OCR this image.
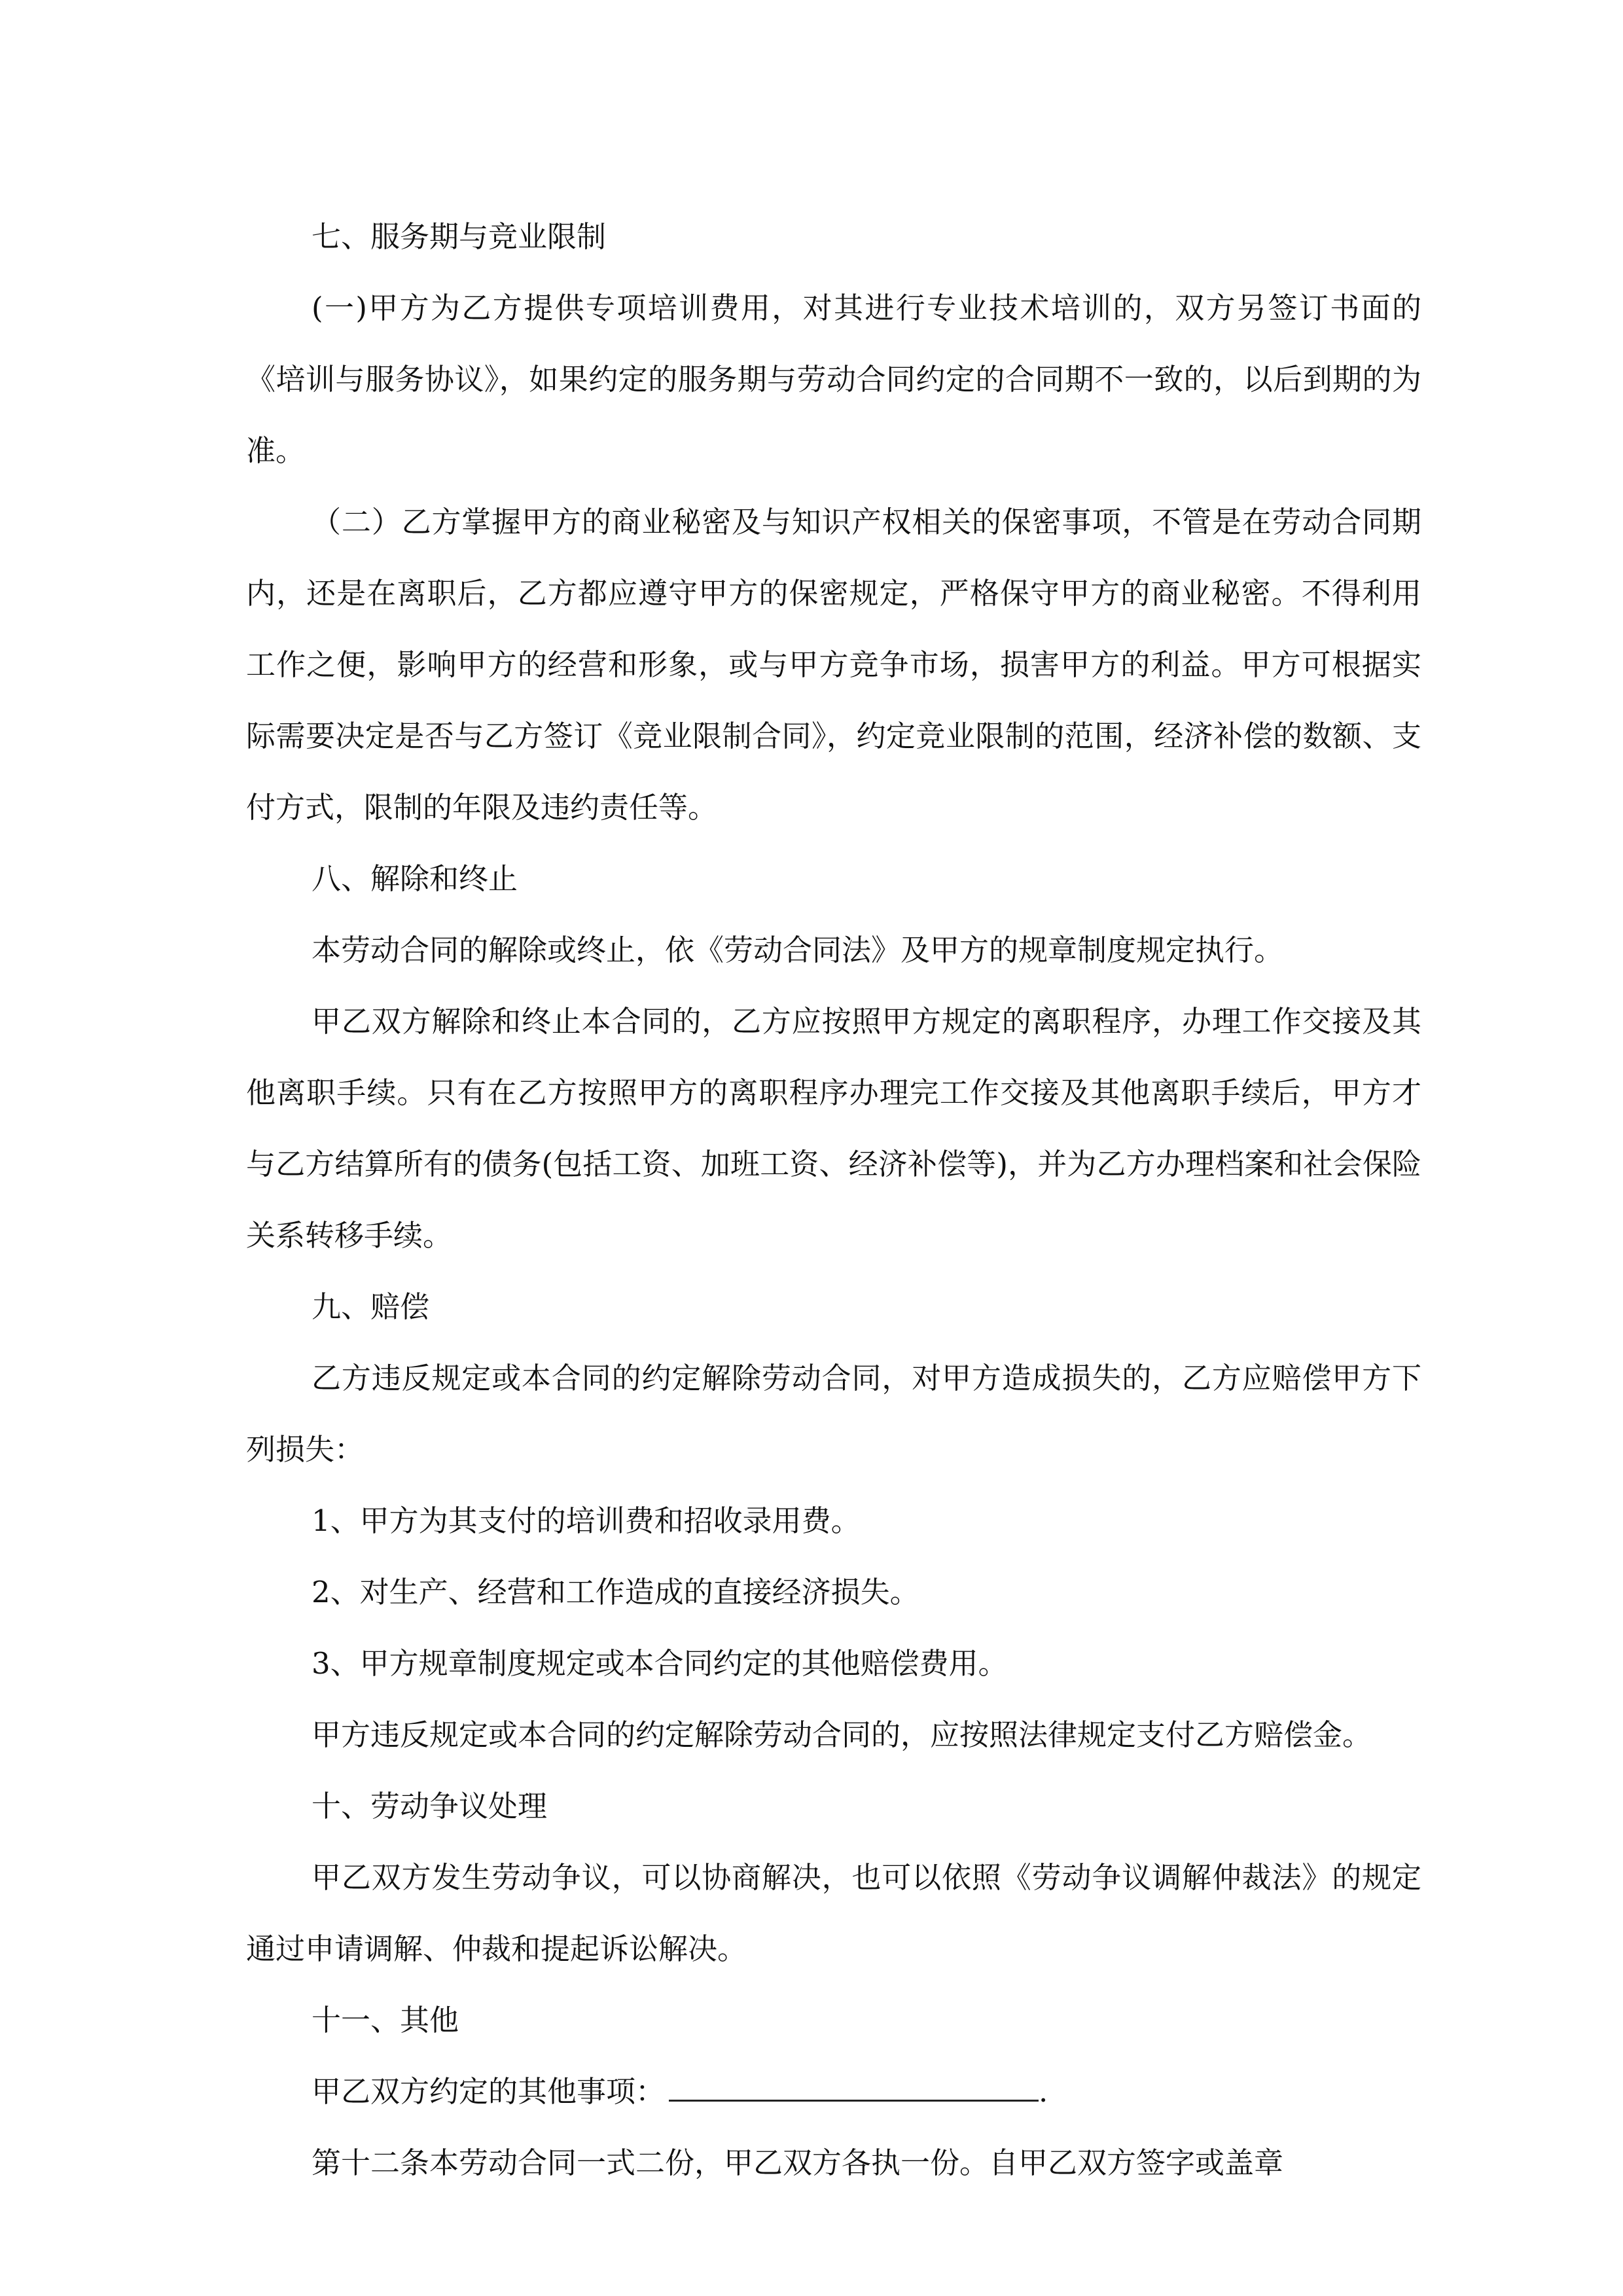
七、服务期与竞业限制

(一)甲方为乙方提供专项培训费用，对其进行专业技术培训的，双方另签订书面的《培训与服务协议》，如果约定的服务期与劳动合同约定的合同期不一致的，以后到期的为准。

（二）乙方掌握甲方的商业秘密及与知识产权相关的保密事项，不管是在劳动合同期内，还是在离职后，乙方都应遵守甲方的保密规定，严格保守甲方的商业秘密。不得利用工作之便，影响甲方的经营和形象，或与甲方竞争市场，损害甲方的利益。甲方可根据实际需要决定是否与乙方签订《竞业限制合同》，约定竞业限制的范围，经济补偿的数额、支付方式，限制的年限及违约责任等。

八、解除和终止

本劳动合同的解除或终止，依《劳动合同法》及甲方的规章制度规定执行。

甲乙双方解除和终止本合同的，乙方应按照甲方规定的离职程序，办理工作交接及其他离职手续。只有在乙方按照甲方的离职程序办理完工作交接及其他离职手续后，甲方才与乙方结算所有的债务(包括工资、加班工资、经济补偿等)，并为乙方办理档案和社会保险关系转移手续。

九、赔偿

乙方违反规定或本合同的约定解除劳动合同，对甲方造成损失的，乙方应赔偿甲方下列损失：

1、甲方为其支付的培训费和招收录用费。

2、对生产、经营和工作造成的直接经济损失。

3、甲方规章制度规定或本合同约定的其他赔偿费用。

甲方违反规定或本合同的约定解除劳动合同的，应按照法律规定支付乙方赔偿金。

十、劳动争议处理

甲乙双方发生劳动争议，可以协商解决，也可以依照《劳动争议调解仲裁法》的规定通过申请调解、仲裁和提起诉讼解决。

十一、其他

甲乙双方约定的其他事项：	.

第十二条本劳动合同一式二份，甲乙双方各执一份。自甲乙双方签字或盖章
